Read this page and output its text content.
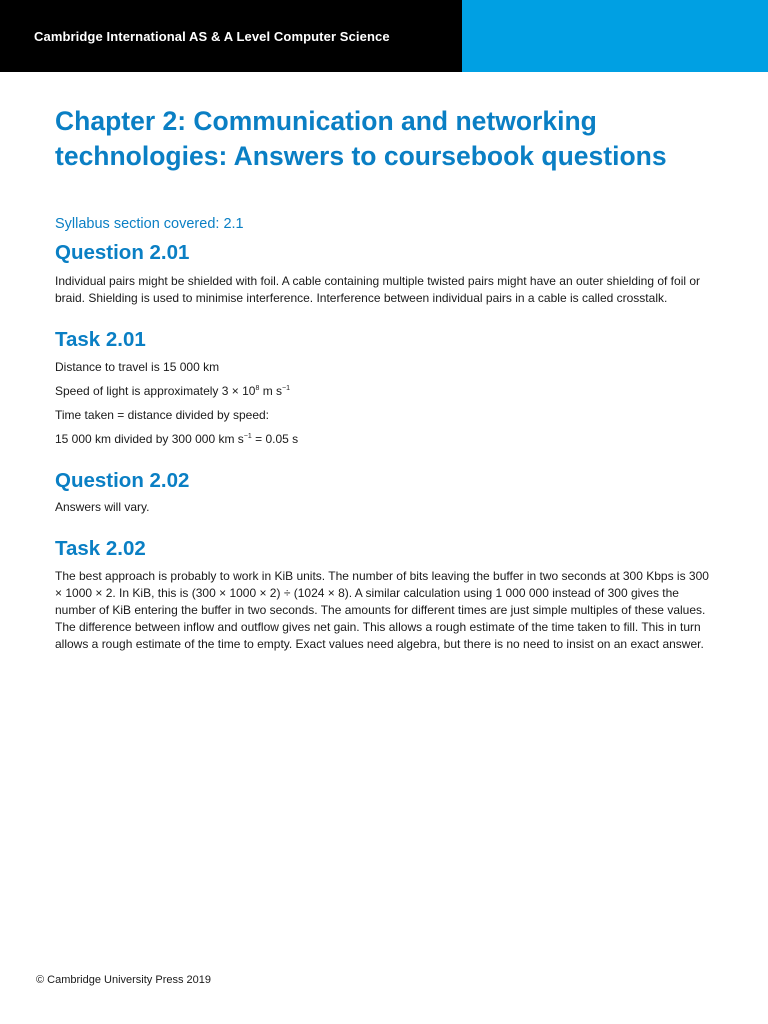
Cambridge International AS & A Level Computer Science
Chapter 2: Communication and networking
technologies: Answers to coursebook questions
Syllabus section covered: 2.1
Question 2.01

Individual pairs might be shielded with foil. A cable containing multiple twisted pairs might have an outer shielding of foil or braid. Shielding is used to minimise interference. Interference between individual pairs in a cable is called crosstalk.

Task 2.01
Distance to travel is 15 000 km
Speed of light is approximately $3 \times 10^8$ m $s^{-1}$
Time taken = distance divided by speed:
15 000 km divided by 300 000 km $s^{-1} = 0.05$ s
Question 2.02

Answers will vary.

Task 2.02

The best approach is probably to work in KiB units. The number of bits leaving the buffer in two seconds at 300 Kbps is 300 × 1000 × 2. In KiB, this is (300 × 1000 × 2) ÷ (1024 × 8). A similar calculation using 1 000 000 instead of 300 gives the number of KiB entering the buffer in two seconds. The amounts for different times are just simple multiples of these values. The difference between inflow and outflow gives net gain. This allows a rough estimate of the time taken to fill. This in turn allows a rough estimate of the time to empty. Exact values need algebra, but there is no need to insist on an exact answer.

© Cambridge University Press 2019
